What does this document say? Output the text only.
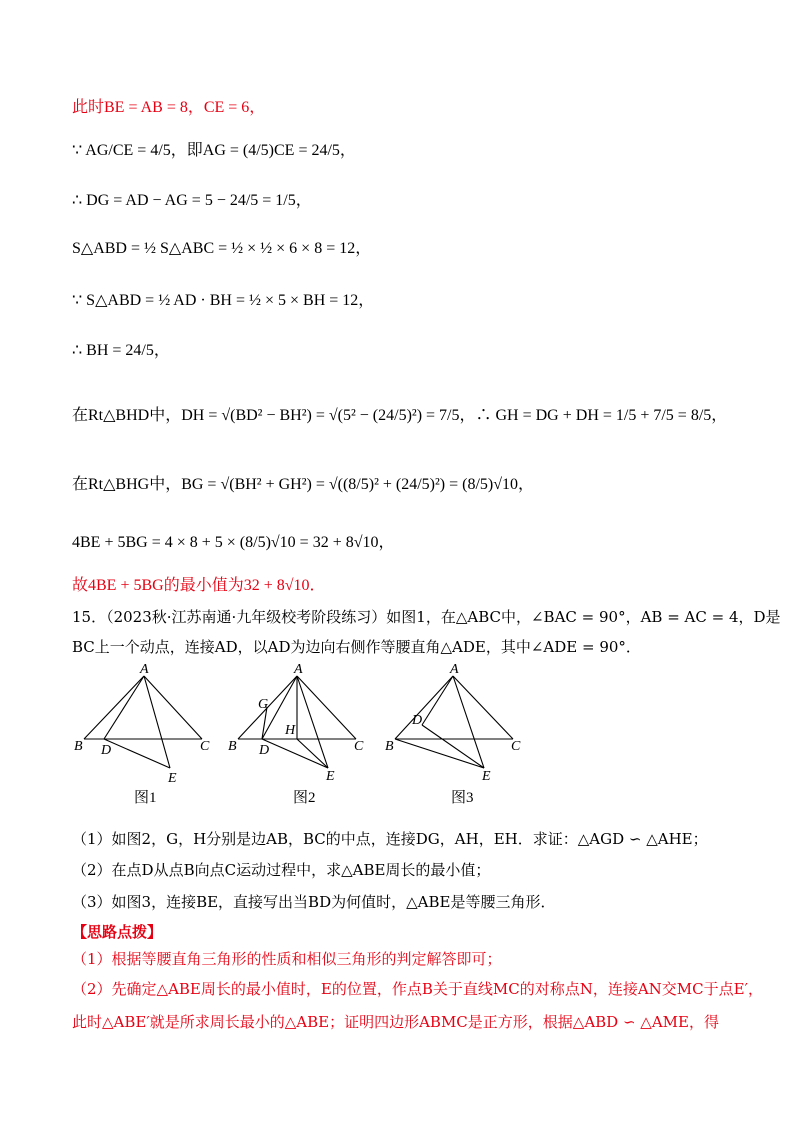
此时BE = AB = 8，CE = 6，
∵ AG/CE = 4/5，即AG = (4/5)CE = 24/5，
∴ DG = AD − AG = 5 − 24/5 = 1/5，
S△ABD = ½ S△ABC = ½ × ½ × 6 × 8 = 12，
∵ S△ABD = ½ AD · BH = ½ × 5 × BH = 12，
∴ BH = 24/5，
在Rt△BHD中，DH = √(BD² − BH²) = √(5² − (24/5)²) = 7/5，∴ GH = DG + DH = 1/5 + 7/5 = 8/5，
在Rt△BHG中，BG = √(BH² + GH²) = √((8/5)² + (24/5)²) = (8/5)√10，
4BE + 5BG = 4 × 8 + 5 × (8/5)√10 = 32 + 8√10，
故4BE + 5BG的最小值为32 + 8√10．
15．（2023秋·江苏南通·九年级校考阶段练习）如图1，在△ABC中，∠BAC = 90°，AB = AC = 4，D是
BC上一个动点，连接AD，以AD为边向右侧作等腰直角△ADE，其中∠ADE = 90°．
A
B	C
D
E
图1
A
B	C
D
E
G
H
图2
A
B	C
D
E
图3
（1）如图2，G，H分别是边AB，BC的中点，连接DG，AH，EH．求证：△AGD ∽ △AHE；
（2）在点D从点B向点C运动过程中，求△ABE周长的最小值；
（3）如图3，连接BE，直接写出当BD为何值时，△ABE是等腰三角形．
【思路点拨】
（1）根据等腰直角三角形的性质和相似三角形的判定解答即可；
（2）先确定△ABE周长的最小值时，E的位置，作点B关于直线MC的对称点N，连接AN交MC于点E′，
此时△ABE′就是所求周长最小的△ABE；证明四边形ABMC是正方形，根据△ABD ∽ △AME，得
